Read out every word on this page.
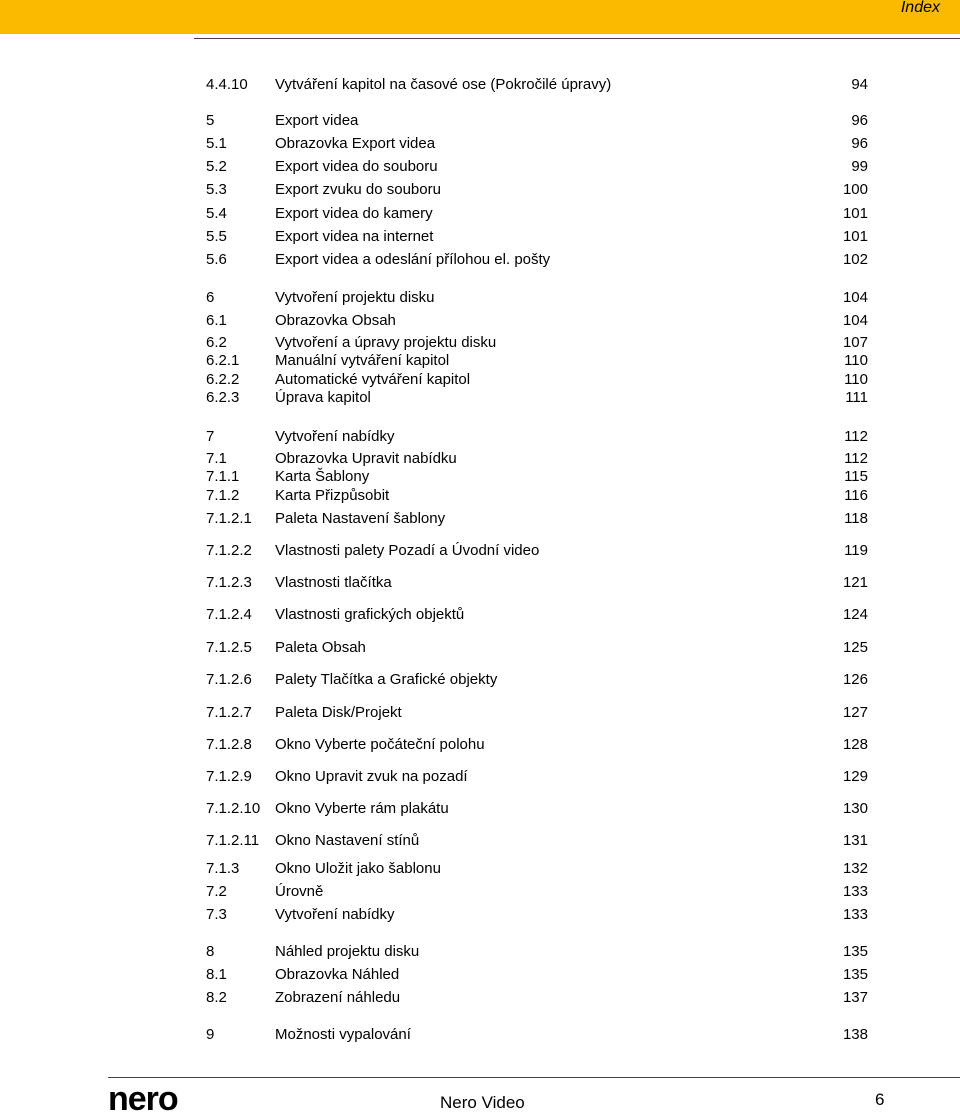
Index
4.4.10 Vytváření kapitol na časové ose (Pokročilé úpravy)	94
5	Export videa	96
5.1	Obrazovka Export videa	96
5.2	Export videa do souboru	99
5.3	Export zvuku do souboru	100
5.4	Export videa do kamery	101
5.5	Export videa na internet	101
5.6	Export videa a odeslání přílohou el. pošty	102
6	Vytvoření projektu disku	104
6.1	Obrazovka Obsah	104
6.2	Vytvoření a úpravy projektu disku	107
6.2.1 Manuální vytváření kapitol	110
6.2.2 Automatické vytváření kapitol	110
6.2.3 Úprava kapitol	111
7	Vytvoření nabídky	112
7.1	Obrazovka Upravit nabídku	112
7.1.1 Karta Šablony	115
7.1.2 Karta Přizpůsobit	116
7.1.2.1 Paleta Nastavení šablony	118
7.1.2.2 Vlastnosti palety Pozadí a Úvodní video	119
7.1.2.3 Vlastnosti tlačítka	121
7.1.2.4 Vlastnosti grafických objektů	124
7.1.2.5 Paleta Obsah	125
7.1.2.6 Palety Tlačítka a Grafické objekty	126
7.1.2.7 Paleta Disk/Projekt	127
7.1.2.8 Okno Vyberte počáteční polohu	128
7.1.2.9 Okno Upravit zvuk na pozadí	129
7.1.2.10 Okno Vyberte rám plakátu	130
7.1.2.11 Okno Nastavení stínů	131
7.1.3 Okno Uložit jako šablonu	132
7.2	Úrovně	133
7.3	Vytvoření nabídky	133
8	Náhled projektu disku	135
8.1	Obrazovka Náhled	135
8.2	Zobrazení náhledu	137
9	Možnosti vypalování	138
nero	Nero Video	6
